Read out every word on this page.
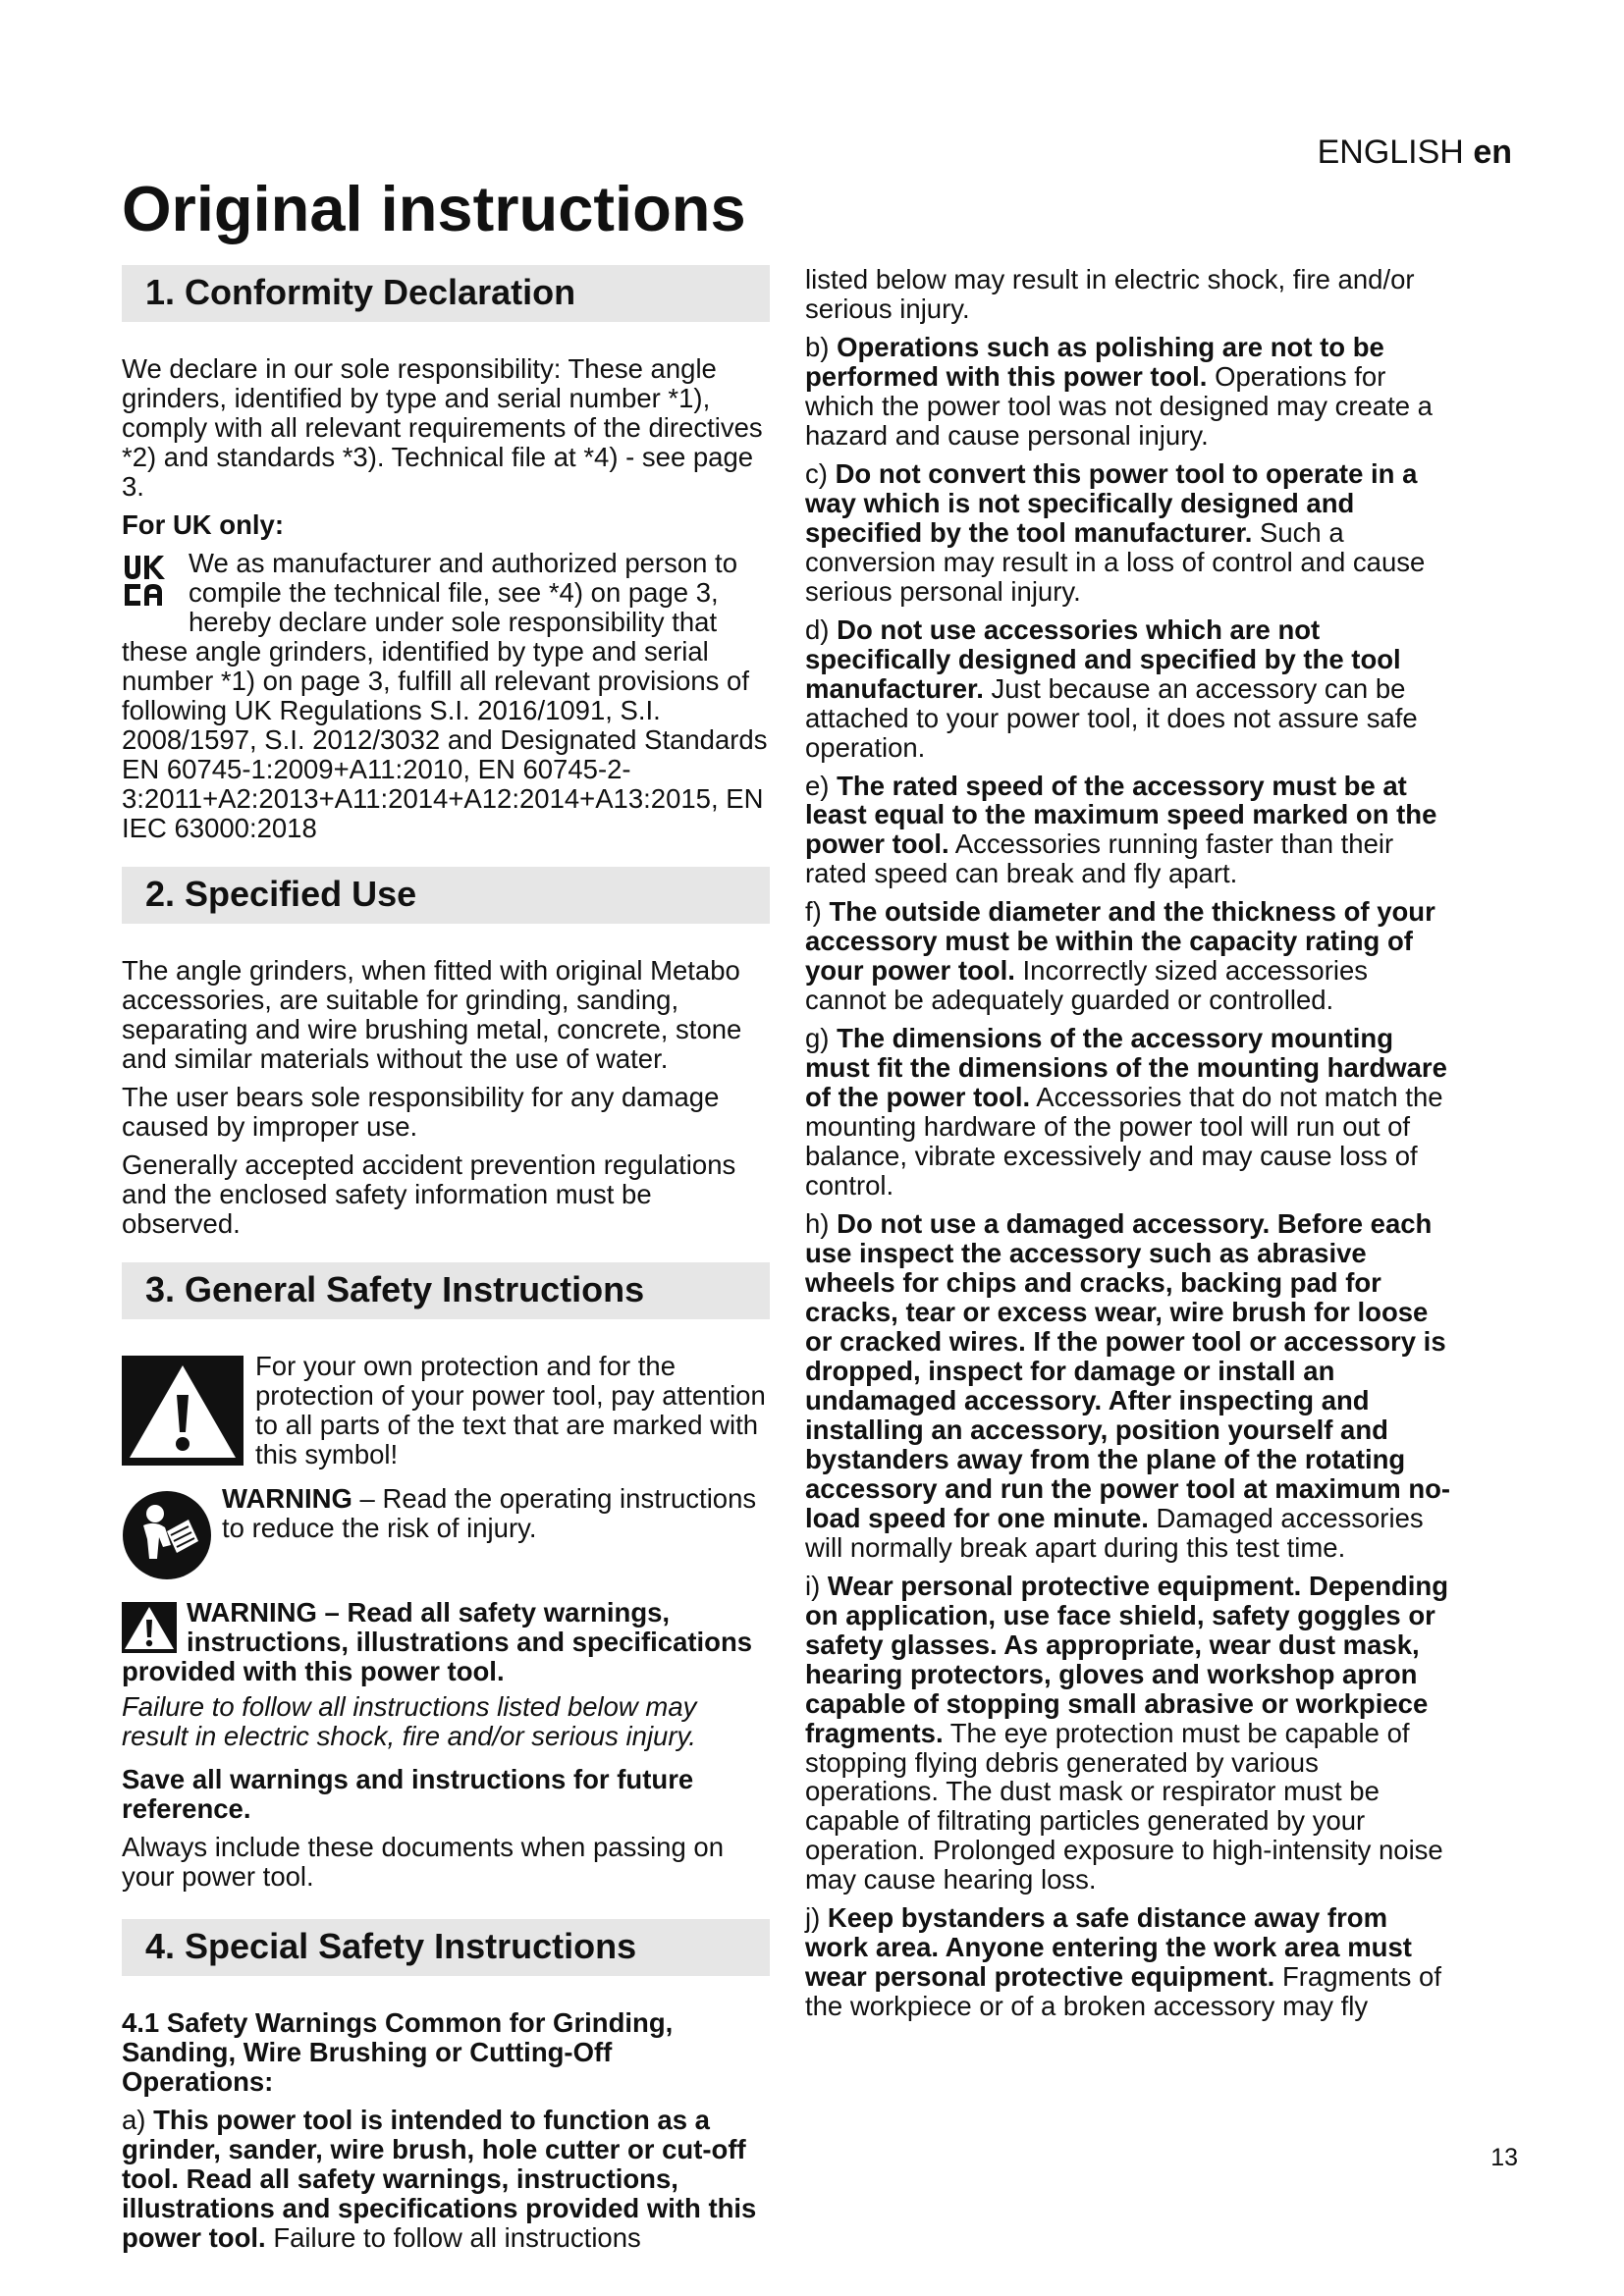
ENGLISH en
Original instructions
1. Conformity Declaration

We declare in our sole responsibility: These angle grinders, identified by type and serial number *1), comply with all relevant requirements of the directives *2) and standards *3). Technical file at *4) - see page 3.

For UK only:

We as manufacturer and authorized person to compile the technical file, see *4) on page 3, hereby declare under sole responsibility that these angle grinders, identified by type and serial number *1) on page 3, fulfill all relevant provisions of following UK Regulations S.I. 2016/1091, S.I. 2008/1597, S.I. 2012/3032 and Designated Standards EN 60745-1:2009+A11:2010, EN 60745-2-3:2011+A2:2013+A11:2014+A12:2014+A13:2015, EN IEC 63000:2018

2. Specified Use

The angle grinders, when fitted with original Metabo accessories, are suitable for grinding, sanding, separating and wire brushing metal, concrete, stone and similar materials without the use of water.

The user bears sole responsibility for any damage caused by improper use.

Generally accepted accident prevention regulations and the enclosed safety information must be observed.

3. General Safety Instructions

For your own protection and for the protection of your power tool, pay attention to all parts of the text that are marked with this symbol!

WARNING – Read the operating instructions to reduce the risk of injury.

WARNING – Read all safety warnings, instructions, illustrations and specifications provided with this power tool.

Failure to follow all instructions listed below may result in electric shock, fire and/or serious injury.

Save all warnings and instructions for future reference.

Always include these documents when passing on your power tool.

4. Special Safety Instructions

4.1 Safety Warnings Common for Grinding, Sanding, Wire Brushing or Cutting-Off Operations:

a) This power tool is intended to function as a grinder, sander, wire brush, hole cutter or cut-off tool. Read all safety warnings, instructions, illustrations and specifications provided with this power tool. Failure to follow all instructions

listed below may result in electric shock, fire and/or serious injury.

b) Operations such as polishing are not to be performed with this power tool. Operations for which the power tool was not designed may create a hazard and cause personal injury.

c) Do not convert this power tool to operate in a way which is not specifically designed and specified by the tool manufacturer. Such a conversion may result in a loss of control and cause serious personal injury.

d) Do not use accessories which are not specifically designed and specified by the tool manufacturer. Just because an accessory can be attached to your power tool, it does not assure safe operation.

e) The rated speed of the accessory must be at least equal to the maximum speed marked on the power tool. Accessories running faster than their rated speed can break and fly apart.

f) The outside diameter and the thickness of your accessory must be within the capacity rating of your power tool. Incorrectly sized accessories cannot be adequately guarded or controlled.

g) The dimensions of the accessory mounting must fit the dimensions of the mounting hardware of the power tool. Accessories that do not match the mounting hardware of the power tool will run out of balance, vibrate excessively and may cause loss of control.

h) Do not use a damaged accessory. Before each use inspect the accessory such as abrasive wheels for chips and cracks, backing pad for cracks, tear or excess wear, wire brush for loose or cracked wires. If the power tool or accessory is dropped, inspect for damage or install an undamaged accessory. After inspecting and installing an accessory, position yourself and bystanders away from the plane of the rotating accessory and run the power tool at maximum no-load speed for one minute. Damaged accessories will normally break apart during this test time.

i) Wear personal protective equipment. Depending on application, use face shield, safety goggles or safety glasses. As appropriate, wear dust mask, hearing protectors, gloves and workshop apron capable of stopping small abrasive or workpiece fragments. The eye protection must be capable of stopping flying debris generated by various operations. The dust mask or respirator must be capable of filtrating particles generated by your operation. Prolonged exposure to high-intensity noise may cause hearing loss.

j) Keep bystanders a safe distance away from work area. Anyone entering the work area must wear personal protective equipment. Fragments of the workpiece or of a broken accessory may fly

13
